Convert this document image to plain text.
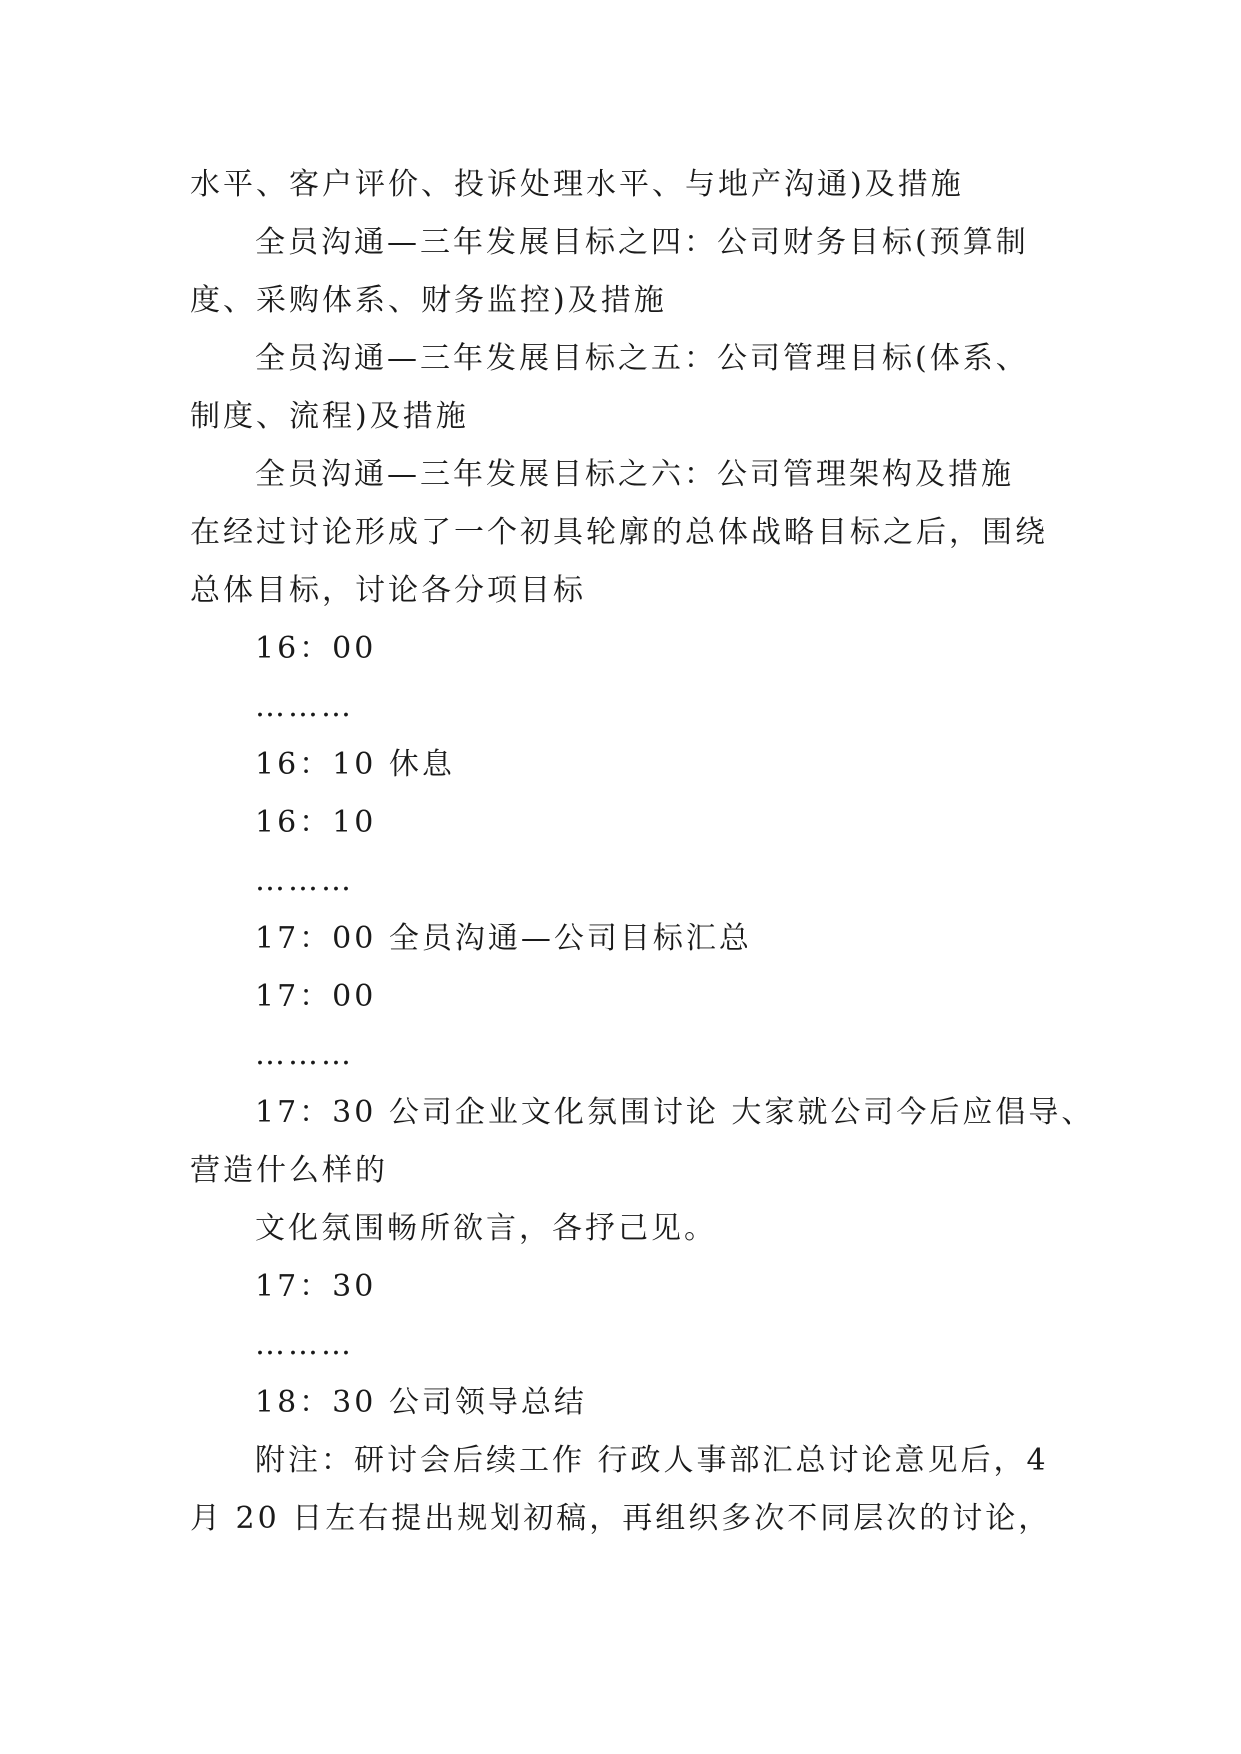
水平、客户评价、投诉处理水平、与地产沟通)及措施
全员沟通—三年发展目标之四：公司财务目标(预算制
度、采购体系、财务监控)及措施
全员沟通—三年发展目标之五：公司管理目标(体系、
制度、流程)及措施
全员沟通—三年发展目标之六：公司管理架构及措施
在经过讨论形成了一个初具轮廓的总体战略目标之后，围绕
总体目标，讨论各分项目标
16：00
………
16：10 休息
16：10
………
17：00 全员沟通—公司目标汇总
17：00
………
17：30 公司企业文化氛围讨论 大家就公司今后应倡导、
营造什么样的
文化氛围畅所欲言，各抒己见。
17：30
………
18：30 公司领导总结
附注：研讨会后续工作 行政人事部汇总讨论意见后，4
月 20 日左右提出规划初稿，再组织多次不同层次的讨论，
